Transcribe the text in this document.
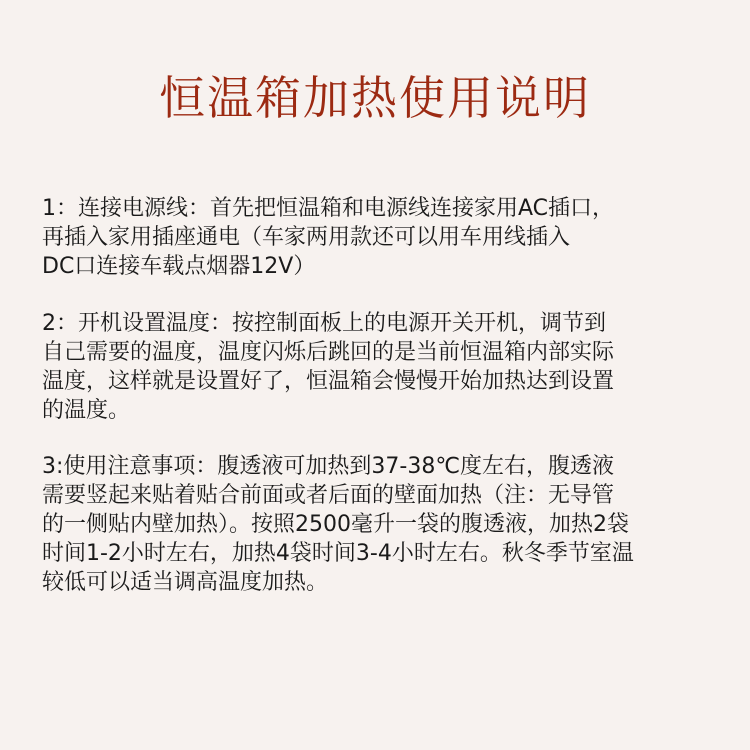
恒温箱加热使用说明
1：连接电源线：首先把恒温箱和电源线连接家用AC插口，
再插入家用插座通电（车家两用款还可以用车用线插入
DC口连接车载点烟器12V）
2：开机设置温度：按控制面板上的电源开关开机，调节到
自己需要的温度，温度闪烁后跳回的是当前恒温箱内部实际
温度，这样就是设置好了，恒温箱会慢慢开始加热达到设置
的温度。
3:使用注意事项：腹透液可加热到37-38℃度左右，腹透液
需要竖起来贴着贴合前面或者后面的壁面加热（注：无导管
的一侧贴内壁加热）。按照2500毫升一袋的腹透液，加热2袋
时间1-2小时左右，加热4袋时间3-4小时左右。秋冬季节室温
较低可以适当调高温度加热。
